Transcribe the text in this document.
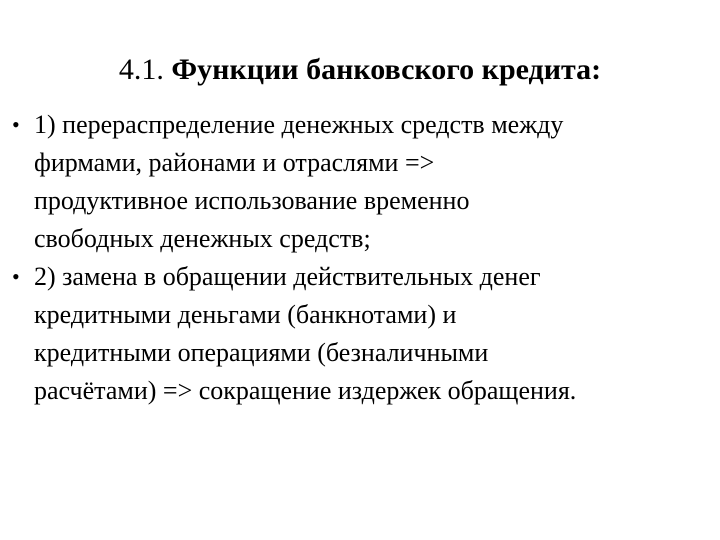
4.1. Функции банковского кредита:
• 1) перераспределение денежных средств между
фирмами, районами и отраслями =>
продуктивное использование временно
свободных денежных средств;
• 2) замена в обращении действительных денег
кредитными деньгами (банкнотами) и
кредитными операциями (безналичными
расчётами) => сокращение издержек обращения.
